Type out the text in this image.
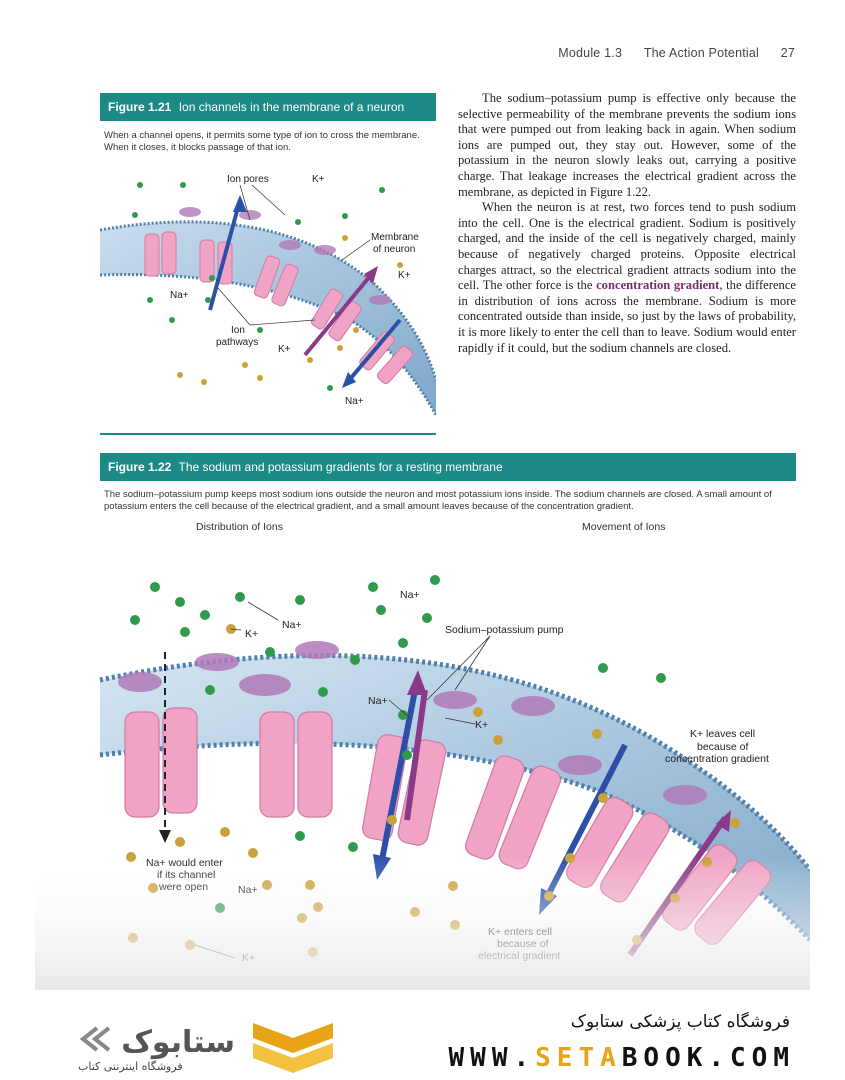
Module 1.3 The Action Potential 27
Figure 1.21 Ion channels in the membrane of a neuron
When a channel opens, it permits some type of ion to cross the membrane. When it closes, it blocks passage of that ion.
Ion pores	K+
Membrane
of neuron
K+
Na+
Ion
pathways
K+
Na+

The sodium–potassium pump is effective only because the selective permeability of the membrane prevents the sodium ions that were pumped out from leaking back in again. When sodium ions are pumped out, they stay out. However, some of the potassium in the neuron slowly leaks out, carrying a positive charge. That leakage increases the electrical gradient across the membrane, as depicted in Figure 1.22.

When the neuron is at rest, two forces tend to push sodium into the cell. One is the electrical gradient. Sodium is positively charged, and the inside of the cell is negatively charged, mainly because of negatively charged proteins. Opposite electrical charges attract, so the electrical gradient attracts sodium into the cell. The other force is the concentration gradient, the difference in distribution of ions across the membrane. Sodium is more concentrated outside than inside, so just by the laws of probability, it is more likely to enter the cell than to leave. Sodium would enter rapidly if it could, but the sodium channels are closed.

Figure 1.22 The sodium and potassium gradients for a resting membrane
The sodium–potassium pump keeps most sodium ions outside the neuron and most potassium ions inside. The sodium channels are closed. A small amount of potassium enters the cell because of the electrical gradient, and a small amount leaves because of the concentration gradient.
Distribution of Ions	Movement of Ions
ستابوک
فروشگاه اینترنتی کتاب
فروشگاه کتاب پزشکی ستابوک
WWW.SETABOOK.COM
